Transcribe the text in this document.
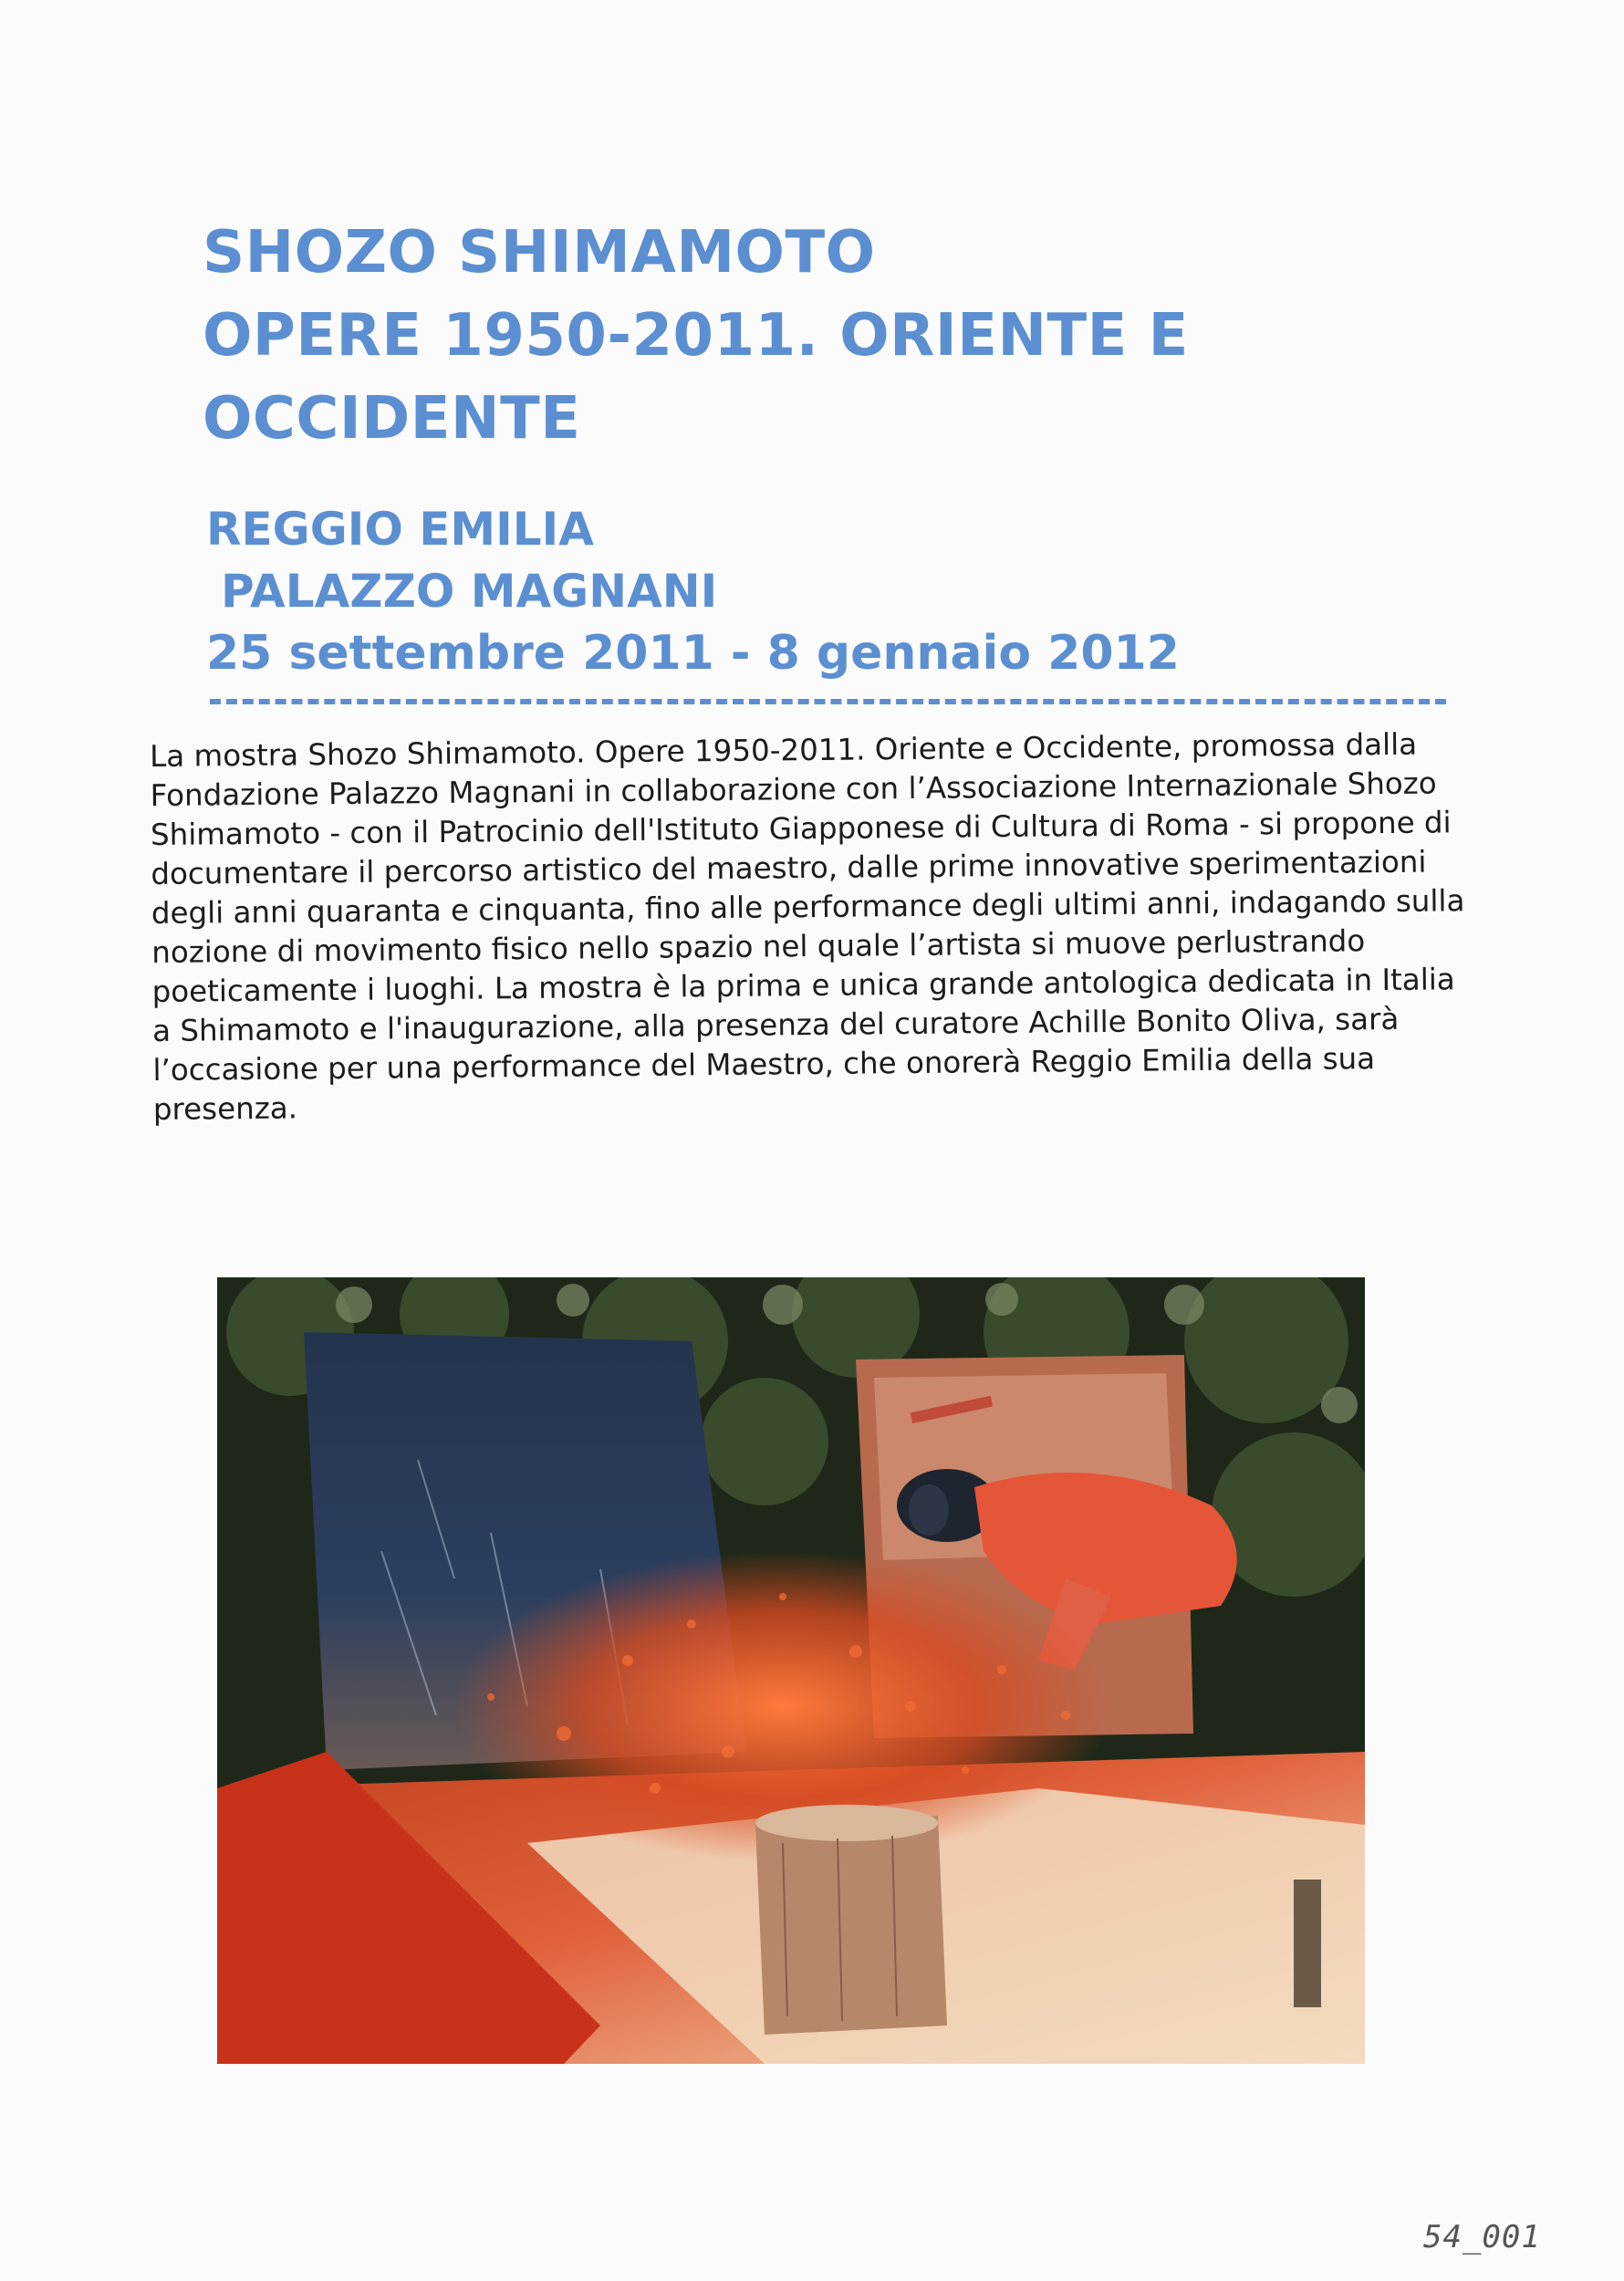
SHOZO SHIMAMOTO
OPERE 1950-2011. ORIENTE E
OCCIDENTE
REGGIO EMILIA
PALAZZO MAGNANI
25 settembre 2011 - 8 gennaio 2012
La mostra Shozo Shimamoto. Opere 1950-2011. Oriente e Occidente, promossa dalla
Fondazione Palazzo Magnani in collaborazione con l’Associazione Internazionale Shozo
Shimamoto - con il Patrocinio dell'Istituto Giapponese di Cultura di Roma - si propone di
documentare il percorso artistico del maestro, dalle prime innovative sperimentazioni
degli anni quaranta e cinquanta, fino alle performance degli ultimi anni, indagando sulla
nozione di movimento fisico nello spazio nel quale l’artista si muove perlustrando
poeticamente i luoghi. La mostra è la prima e unica grande antologica dedicata in Italia
a Shimamoto e l'inaugurazione, alla presenza del curatore Achille Bonito Oliva, sarà
l’occasione per una performance del Maestro, che onorerà Reggio Emilia della sua
presenza.
54_001
